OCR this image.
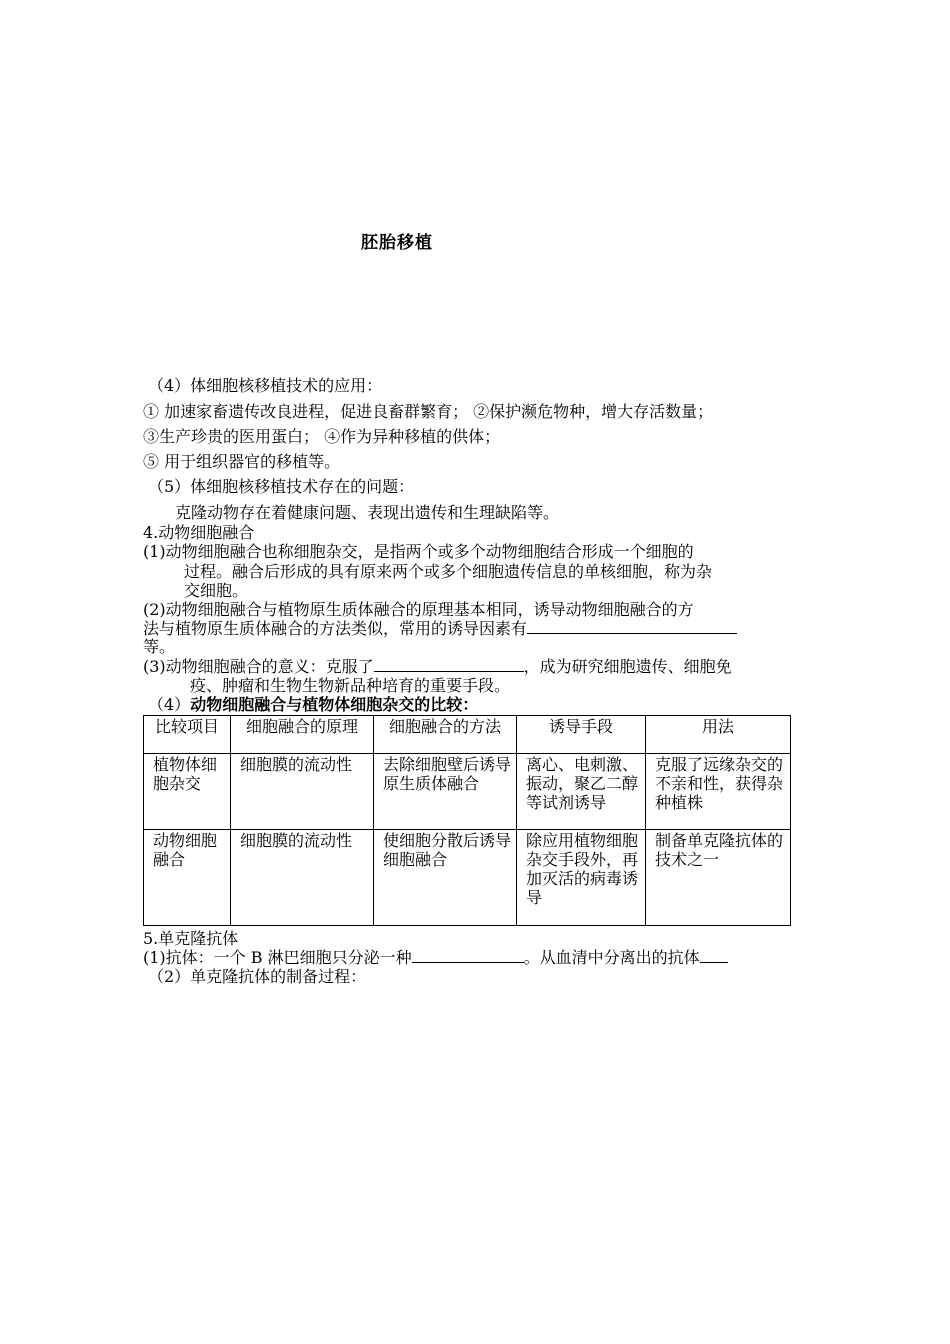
胚胎移植
（4）体细胞核移植技术的应用：
① 加速家畜遗传改良进程，促进良畜群繁育； ②保护濒危物种，增大存活数量；
③生产珍贵的医用蛋白； ④作为异种移植的供体；
⑤ 用于组织器官的移植等。
（5）体细胞核移植技术存在的问题：
克隆动物存在着健康问题、表现出遗传和生理缺陷等。
4.动物细胞融合
(1)动物细胞融合也称细胞杂交，是指两个或多个动物细胞结合形成一个细胞的
过程。融合后形成的具有原来两个或多个细胞遗传信息的单核细胞，称为杂
交细胞。
(2)动物细胞融合与植物原生质体融合的原理基本相同，诱导动物细胞融合的方
法与植物原生质体融合的方法类似，常用的诱导因素有
等。
(3)动物细胞融合的意义：克服了	，成为研究细胞遗传、细胞免
疫、肿瘤和生物生物新品种培育的重要手段。
（4）动物细胞融合与植物体细胞杂交的比较：
比较项目	细胞融合的原理	细胞融合的方法	诱导手段	用法
植物体细胞杂交	细胞膜的流动性	去除细胞壁后诱导原生质体融合	离心、电刺激、振动，聚乙二醇等试剂诱导	克服了远缘杂交的不亲和性，获得杂种植株
动物细胞融合	细胞膜的流动性	使细胞分散后诱导细胞融合	除应用植物细胞杂交手段外，再加灭活的病毒诱导	制备单克隆抗体的技术之一
5.单克隆抗体
(1)抗体：一个 B 淋巴细胞只分泌一种	。从血清中分离出的抗体
（2）单克隆抗体的制备过程：
